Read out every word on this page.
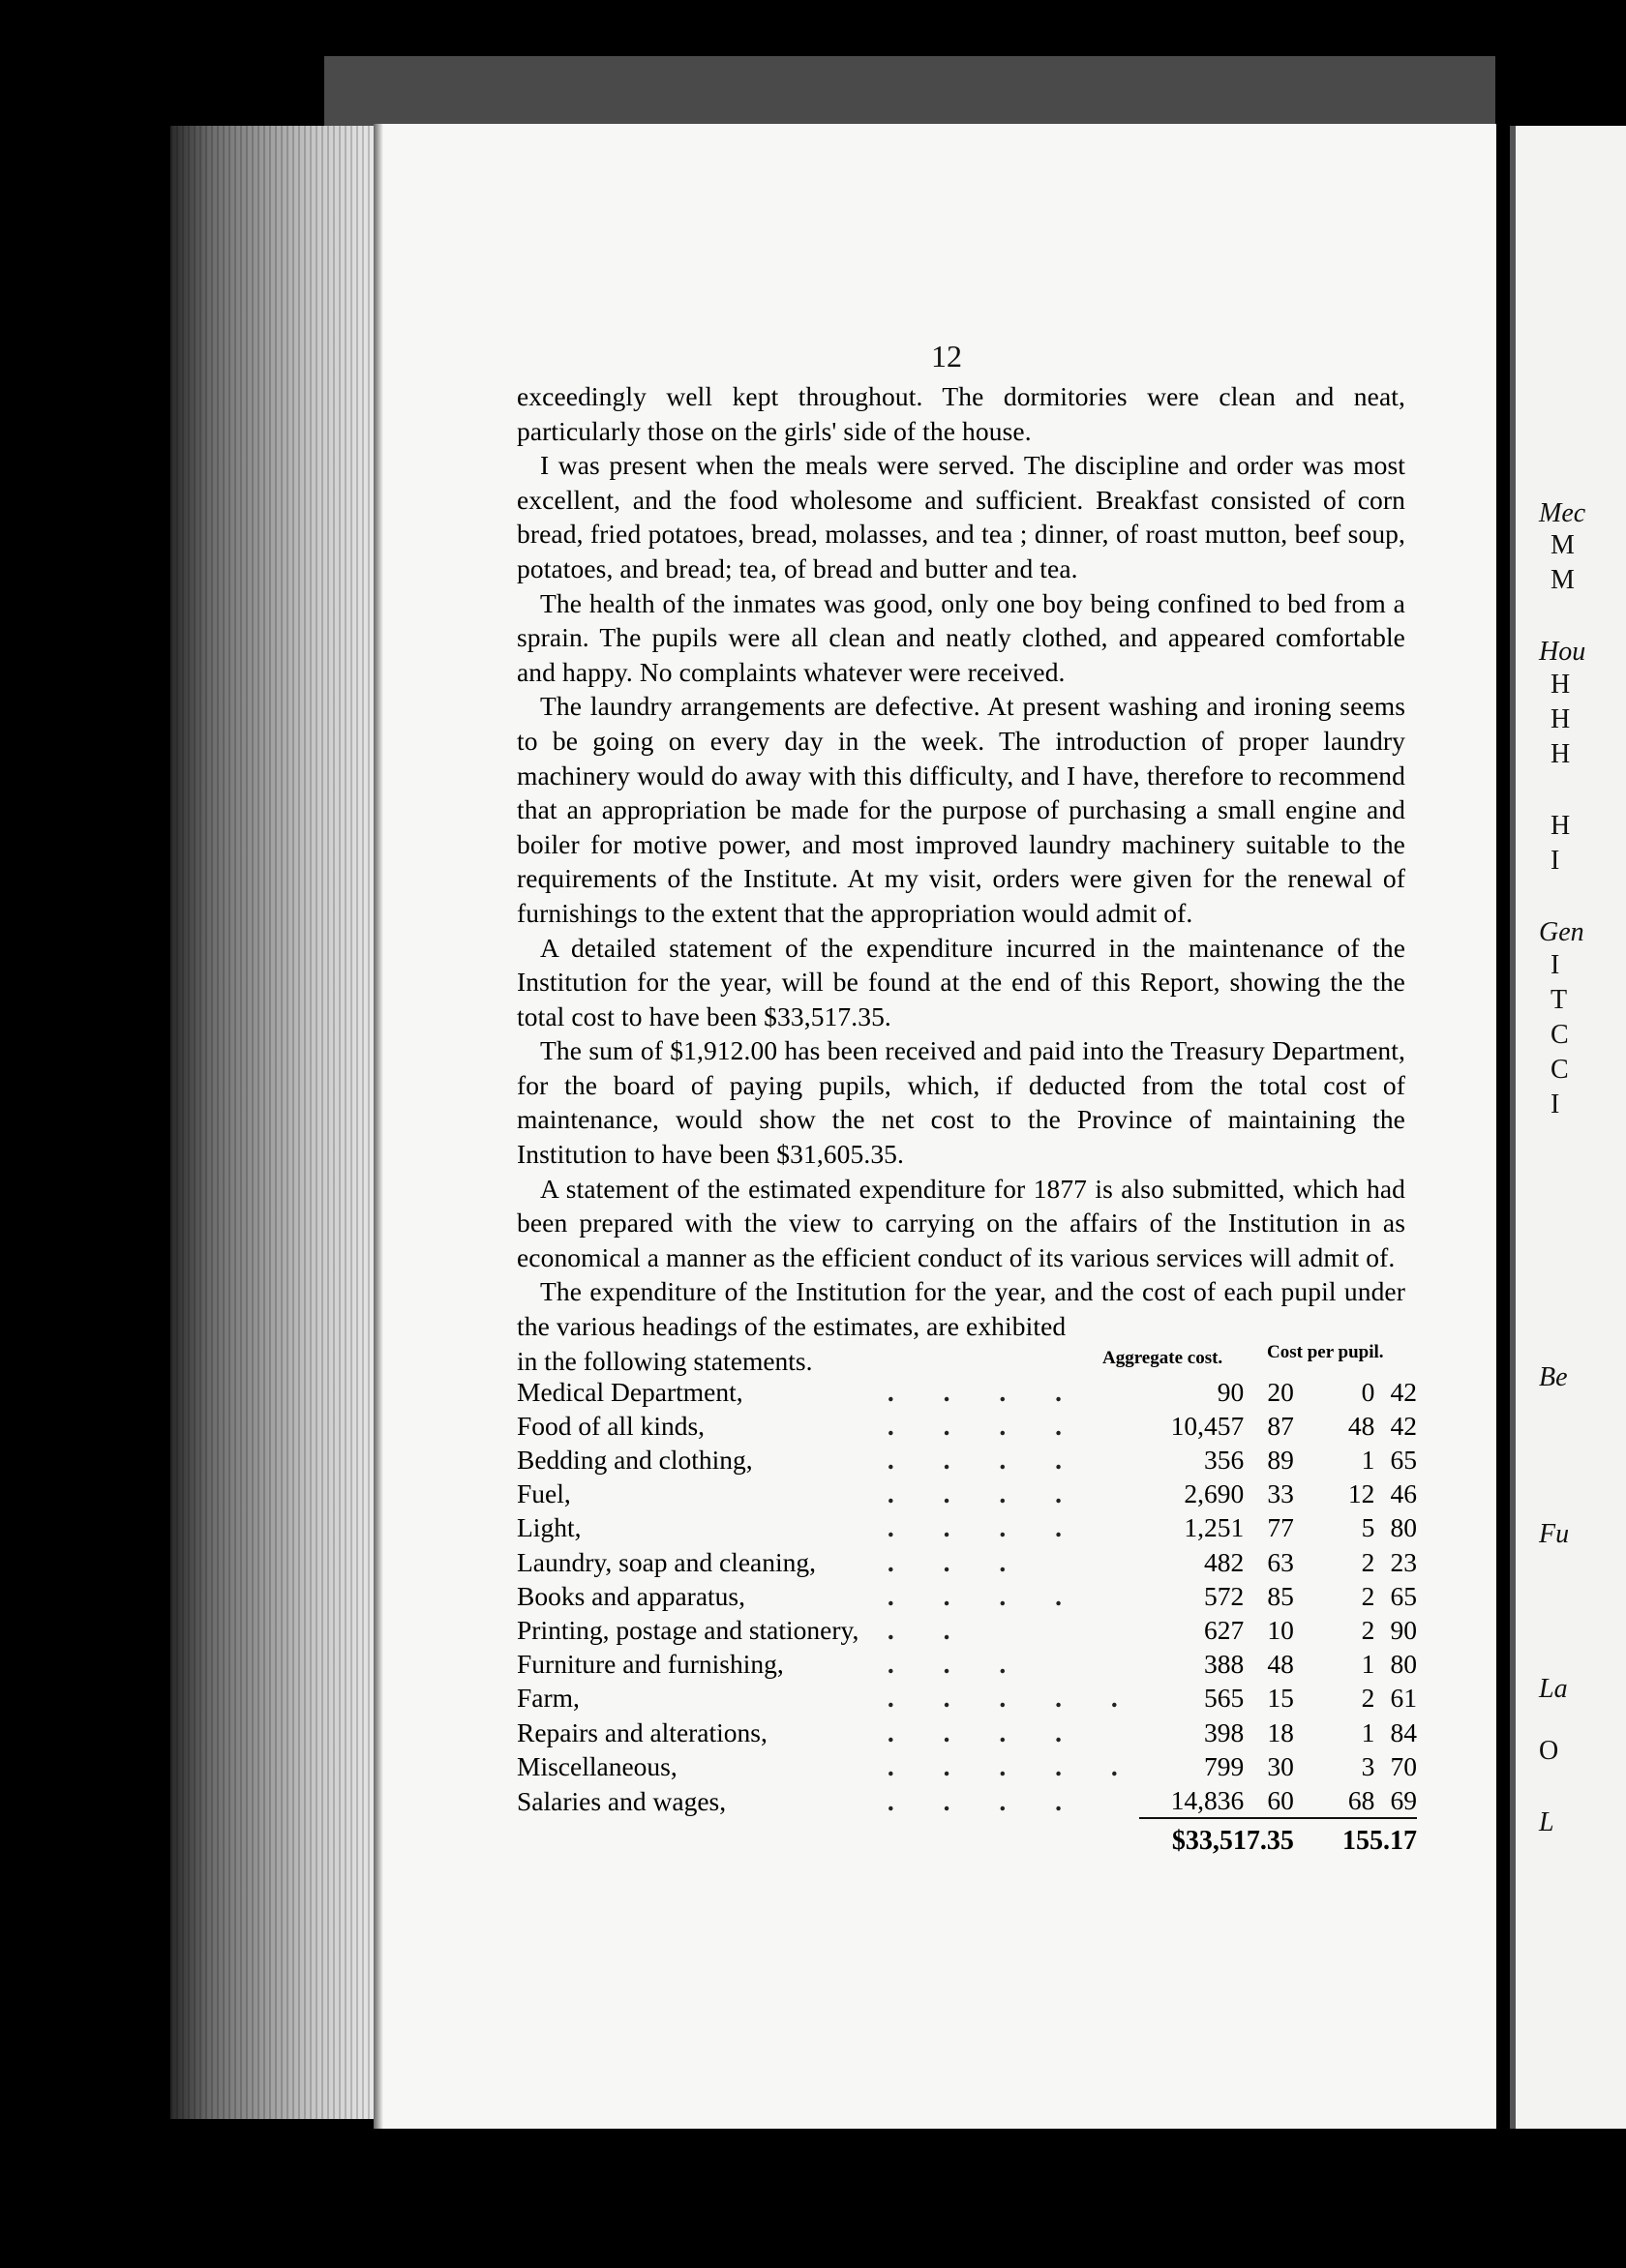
Mec
M
M
Hou
H
H
H
H
I
Gen
I
T
C
C
I
Be
Fu
La
O
L
12

exceedingly well kept throughout. The dormitories were clean and neat, particularly those on the girls' side of the house.

I was present when the meals were served. The discipline and order was most excellent, and the food wholesome and sufficient. Breakfast consisted of corn bread, fried potatoes, bread, molasses, and tea ; dinner, of roast mutton, beef soup, potatoes, and bread; tea, of bread and butter and tea.

The health of the inmates was good, only one boy being confined to bed from a sprain. The pupils were all clean and neatly clothed, and appeared comfortable and happy. No complaints whatever were received.

The laundry arrangements are defective. At present washing and ironing seems to be going on every day in the week. The introduction of proper laundry machinery would do away with this difficulty, and I have, therefore to recommend that an appropriation be made for the purpose of purchasing a small engine and boiler for motive power, and most improved laundry machinery suitable to the requirements of the Institute. At my visit, orders were given for the renewal of furnishings to the extent that the appropriation would admit of.

A detailed statement of the expenditure incurred in the maintenance of the Institution for the year, will be found at the end of this Report, showing the the total cost to have been $33,517.35.

The sum of $1,912.00 has been received and paid into the Treasury Department, for the board of paying pupils, which, if deducted from the total cost of maintenance, would show the net cost to the Province of maintaining the Institution to have been $31,605.35.

A statement of the estimated expenditure for 1877 is also submitted, which had been prepared with the view to carrying on the affairs of the Institution in as economical a manner as the efficient conduct of its various services will admit of.

The expenditure of the Institution for the year, and the cost of each pupil under the various headings of the estimates, are exhibited

in the following statements.	Aggregate cost. Cost per pupil.
Medical Department,	. . . .	90	20	0	42
Food of all kinds,	. . . .	10,457	87	48	42
Bedding and clothing,	. . . .	356	89	1	65
Fuel,	. . . .	2,690	33	12	46
Light,	. . . .	1,251	77	5	80
Laundry, soap and cleaning,	. . .	482	63	2	23
Books and apparatus,	. . . .	572	85	2	65
Printing, postage and stationery,	. .	627	10	2	90
Furniture and furnishing,	. . .	388	48	1	80
Farm,	. . . . .	565	15	2	61
Repairs and alterations,	. . . .	398	18	1	84
Miscellaneous,	. . . . .	799	30	3	70
Salaries and wages,	. . . .	14,836	60	68	69
		$33,517.35		155.17	
